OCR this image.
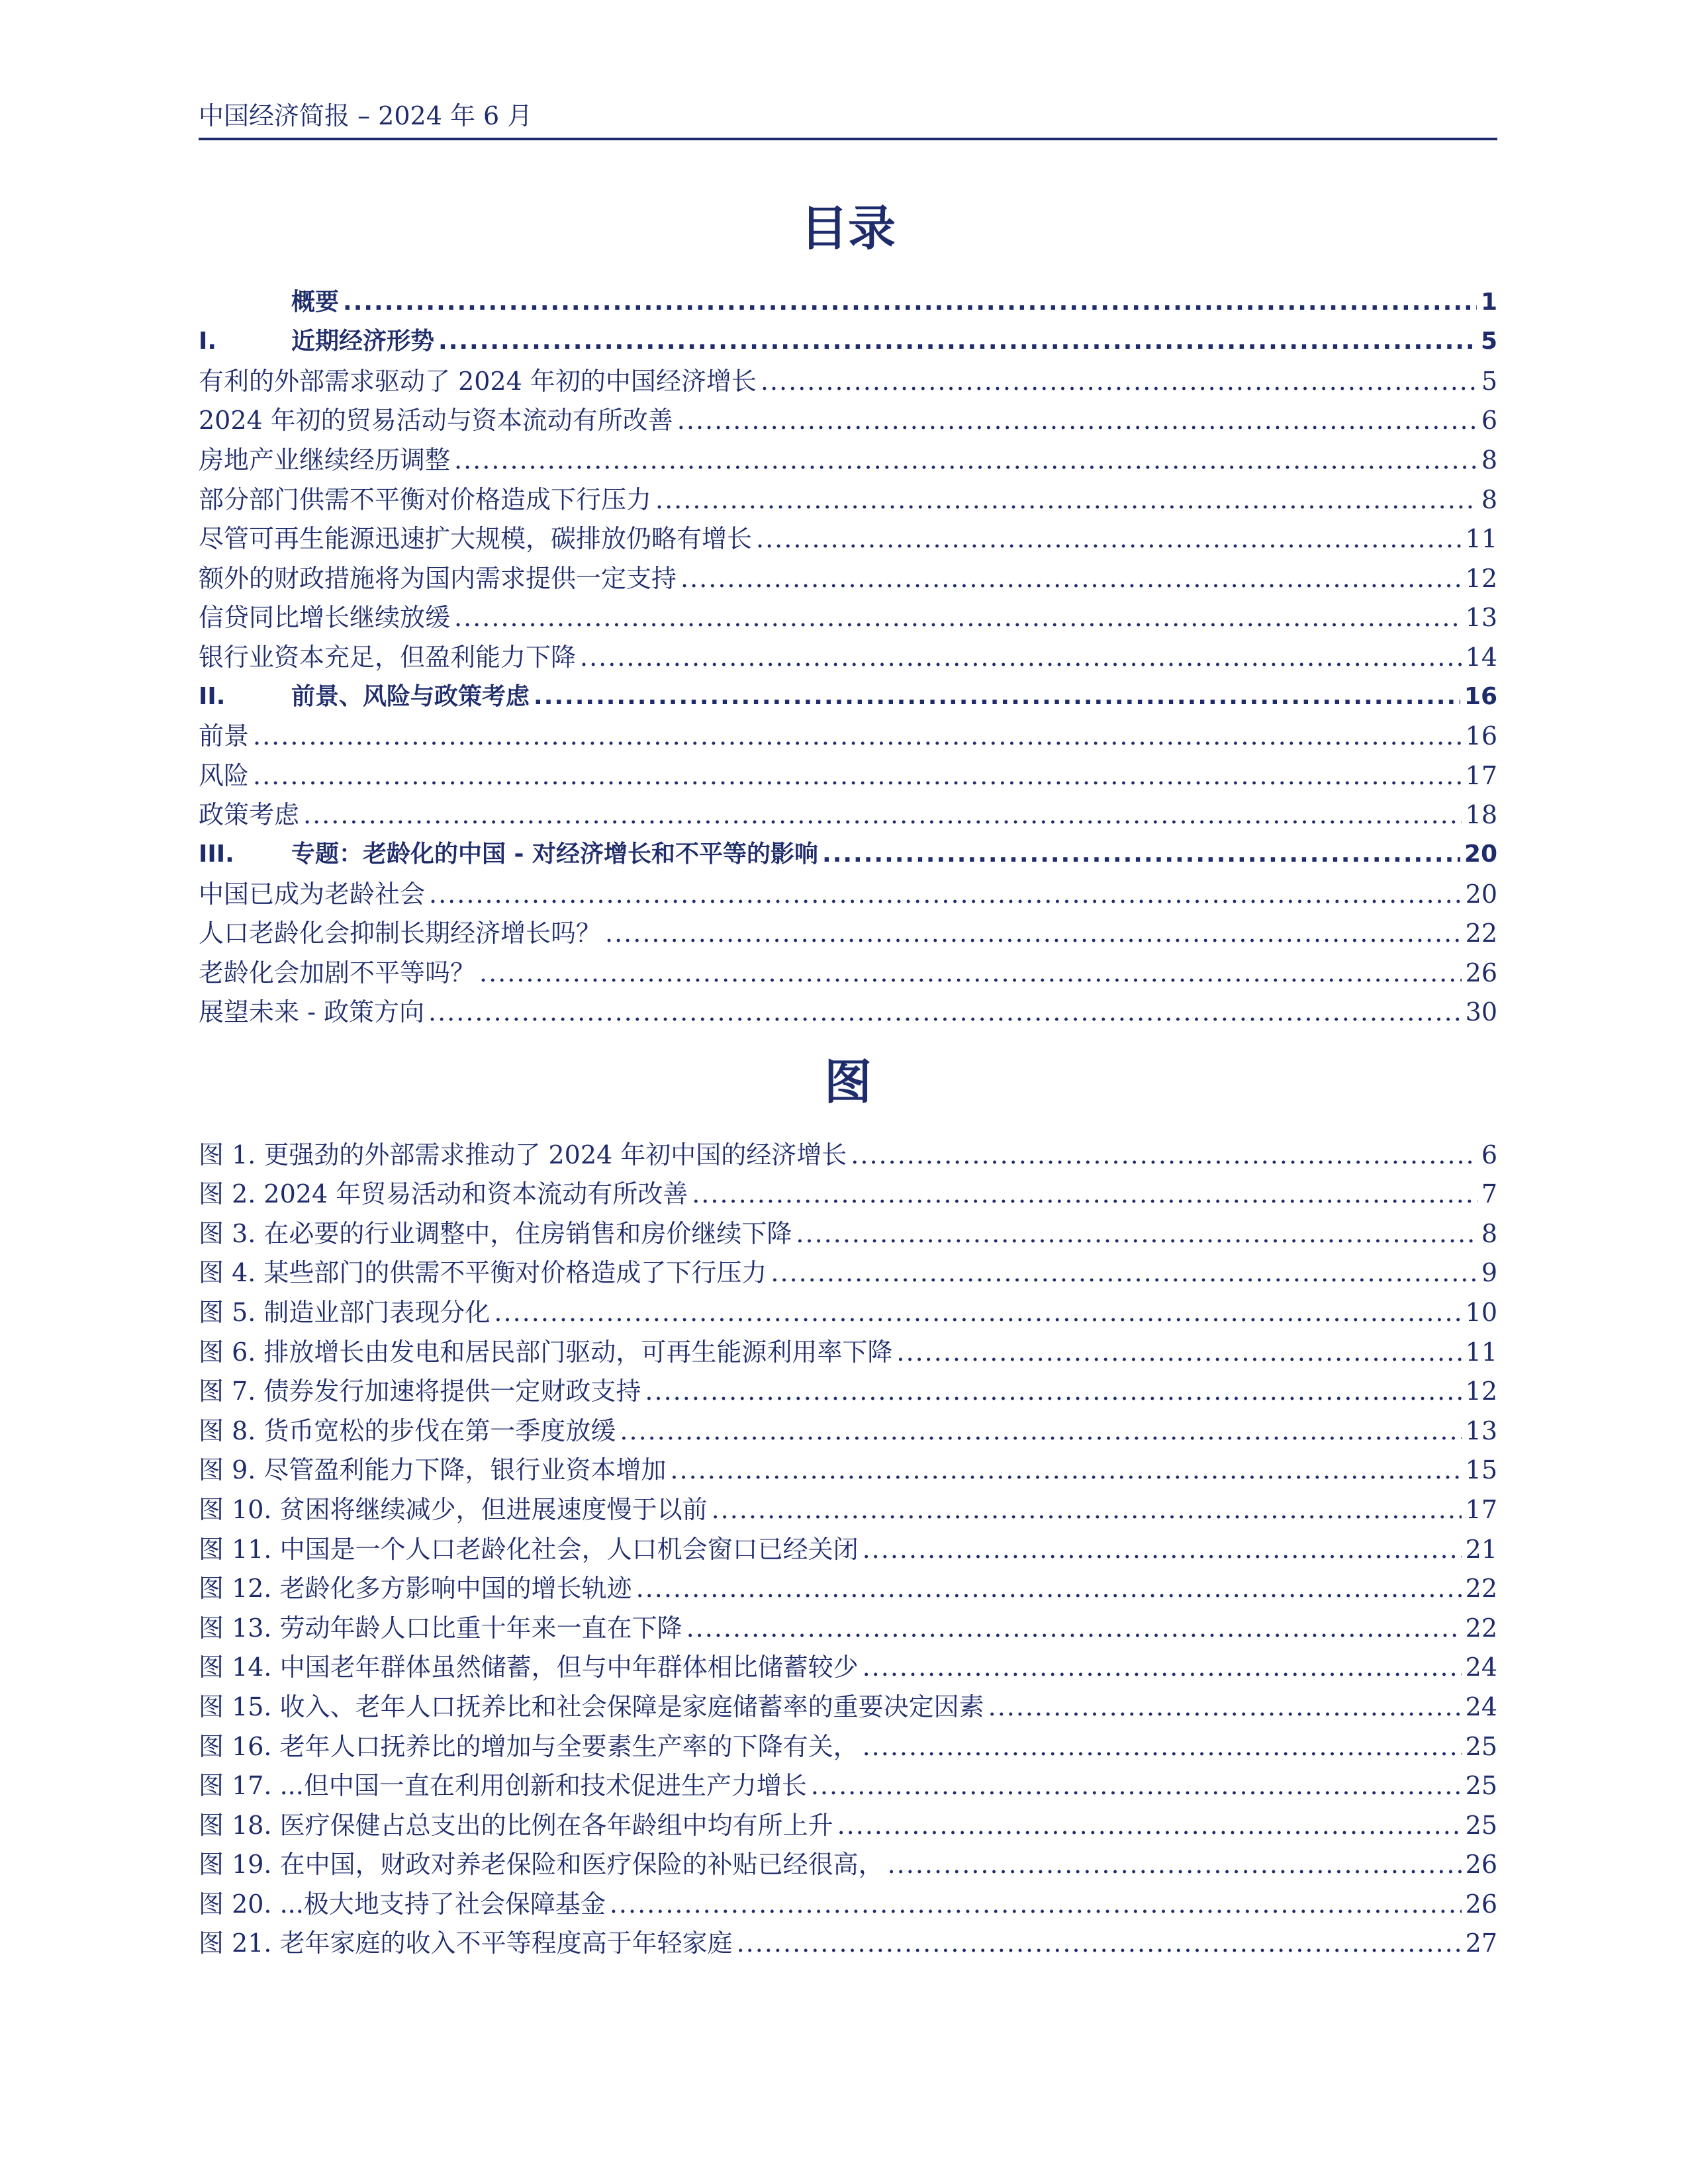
中国经济简报 – 2024 年 6 月
目录
概要 .....	1
I.	近期经济形势 .....	5
有利的外部需求驱动了 2024 年初的中国经济增长 .....	5
2024 年初的贸易活动与资本流动有所改善 .....	6
房地产业继续经历调整 .....	8
部分部门供需不平衡对价格造成下行压力 .....	8
尽管可再生能源迅速扩大规模，碳排放仍略有增长 .....	11
额外的财政措施将为国内需求提供一定支持 .....	12
信贷同比增长继续放缓 .....	13
银行业资本充足，但盈利能力下降 .....	14
II.	前景、风险与政策考虑 .....	16
前景 .....	16
风险 .....	17
政策考虑 .....	18
III.	专题：老龄化的中国 - 对经济增长和不平等的影响 .....	20
中国已成为老龄社会 .....	20
人口老龄化会抑制长期经济增长吗？ .....	22
老龄化会加剧不平等吗？ .....	26
展望未来 - 政策方向 .....	30
图
图 1. 更强劲的外部需求推动了 2024 年初中国的经济增长 .....	6
图 2. 2024 年贸易活动和资本流动有所改善 .....	7
图 3. 在必要的行业调整中，住房销售和房价继续下降 .....	8
图 4. 某些部门的供需不平衡对价格造成了下行压力 .....	9
图 5. 制造业部门表现分化 .....	10
图 6. 排放增长由发电和居民部门驱动，可再生能源利用率下降 .....	11
图 7. 债券发行加速将提供一定财政支持 .....	12
图 8. 货币宽松的步伐在第一季度放缓 .....	13
图 9. 尽管盈利能力下降，银行业资本增加 .....	15
图 10. 贫困将继续减少，但进展速度慢于以前 .....	17
图 11. 中国是一个人口老龄化社会，人口机会窗口已经关闭 .....	21
图 12. 老龄化多方影响中国的增长轨迹 .....	22
图 13. 劳动年龄人口比重十年来一直在下降 .....	22
图 14. 中国老年群体虽然储蓄，但与中年群体相比储蓄较少 .....	24
图 15. 收入、老年人口抚养比和社会保障是家庭储蓄率的重要决定因素 .....	24
图 16. 老年人口抚养比的增加与全要素生产率的下降有关， .....	25
图 17. ...但中国一直在利用创新和技术促进生产力增长 .....	25
图 18. 医疗保健占总支出的比例在各年龄组中均有所上升 .....	25
图 19. 在中国，财政对养老保险和医疗保险的补贴已经很高， .....	26
图 20. ...极大地支持了社会保障基金 .....	26
图 21. 老年家庭的收入不平等程度高于年轻家庭 .....	27
